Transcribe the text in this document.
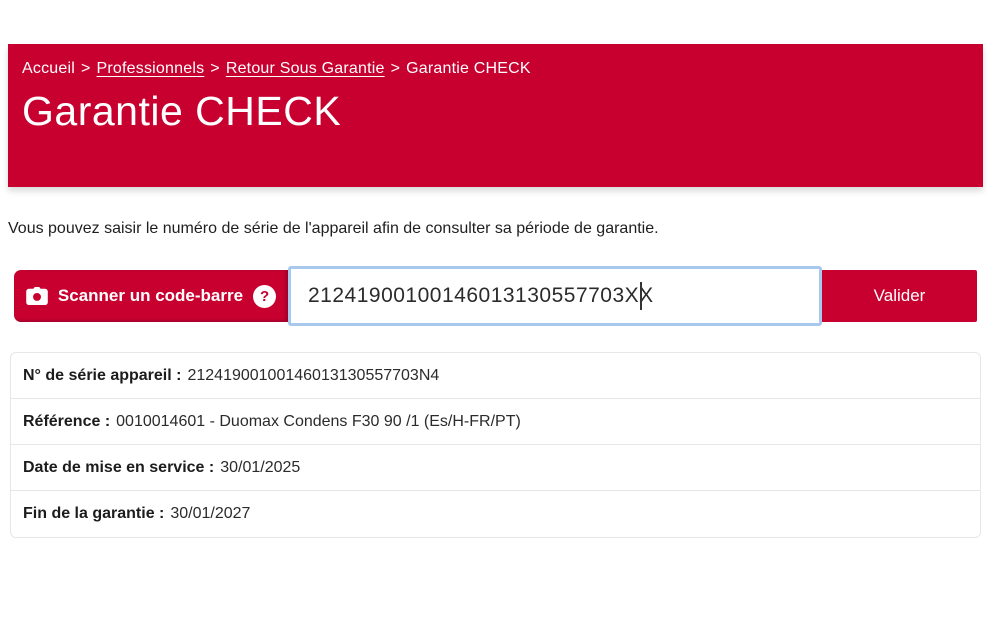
Accueil > Professionnels > Retour Sous Garantie > Garantie CHECK
Garantie CHECK

Vous pouvez saisir le numéro de série de l'appareil afin de consulter sa période de garantie.

Scanner un code-barre	?
21241900100146013130557703XX	Valider
N° de série appareil : 21241900100146013130557703N4
Référence : 0010014601 - Duomax Condens F30 90 /1 (Es/H-FR/PT)
Date de mise en service : 30/01/2025
Fin de la garantie : 30/01/2027
